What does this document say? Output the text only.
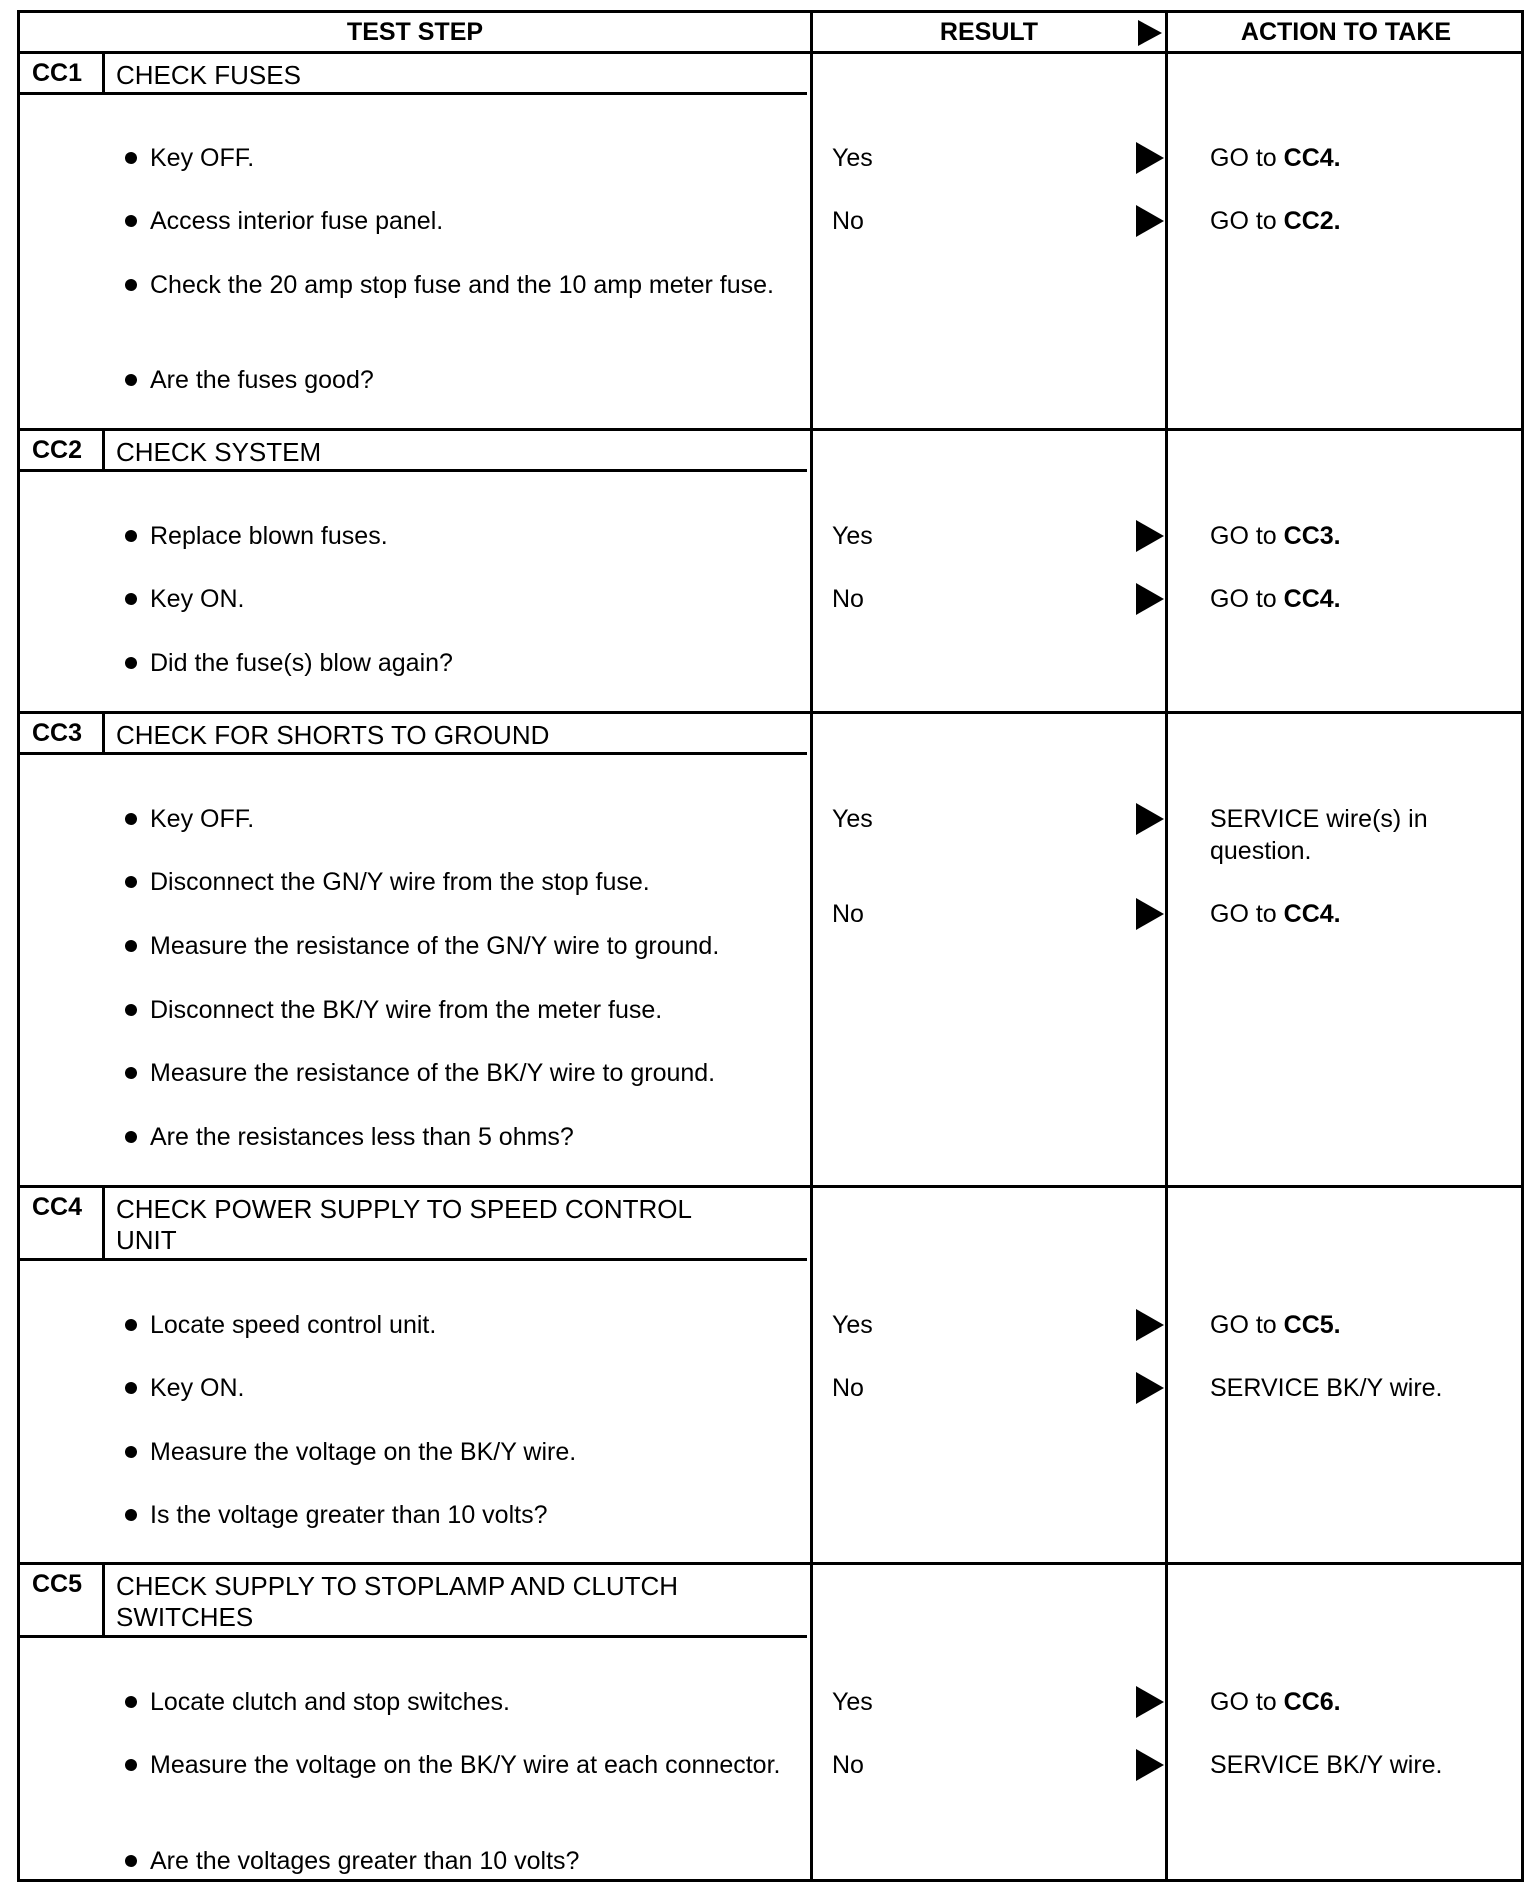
TEST STEP	RESULT	ACTION TO TAKE
CC1	CHECK FUSES
Key OFF.
Access interior fuse panel.
Check the 20 amp stop fuse and the 10 amp meter fuse.
Are the fuses good?
Yes	GO to CC4.
No	GO to CC2.
CC2	CHECK SYSTEM
Replace blown fuses.
Key ON.
Did the fuse(s) blow again?
Yes	GO to CC3.
No	GO to CC4.
CC3	CHECK FOR SHORTS TO GROUND
Key OFF.
Disconnect the GN/Y wire from the stop fuse.
Measure the resistance of the GN/Y wire to ground.
Disconnect the BK/Y wire from the meter fuse.
Measure the resistance of the BK/Y wire to ground.
Are the resistances less than 5 ohms?
Yes	SERVICE wire(s) in question.
No	GO to CC4.
CC4	CHECK POWER SUPPLY TO SPEED CONTROL UNIT
Locate speed control unit.
Key ON.
Measure the voltage on the BK/Y wire.
Is the voltage greater than 10 volts?
Yes	GO to CC5.
No	SERVICE BK/Y wire.
CC5	CHECK SUPPLY TO STOPLAMP AND CLUTCH SWITCHES
Locate clutch and stop switches.
Measure the voltage on the BK/Y wire at each connector.
Are the voltages greater than 10 volts?
Yes	GO to CC6.
No	SERVICE BK/Y wire.
